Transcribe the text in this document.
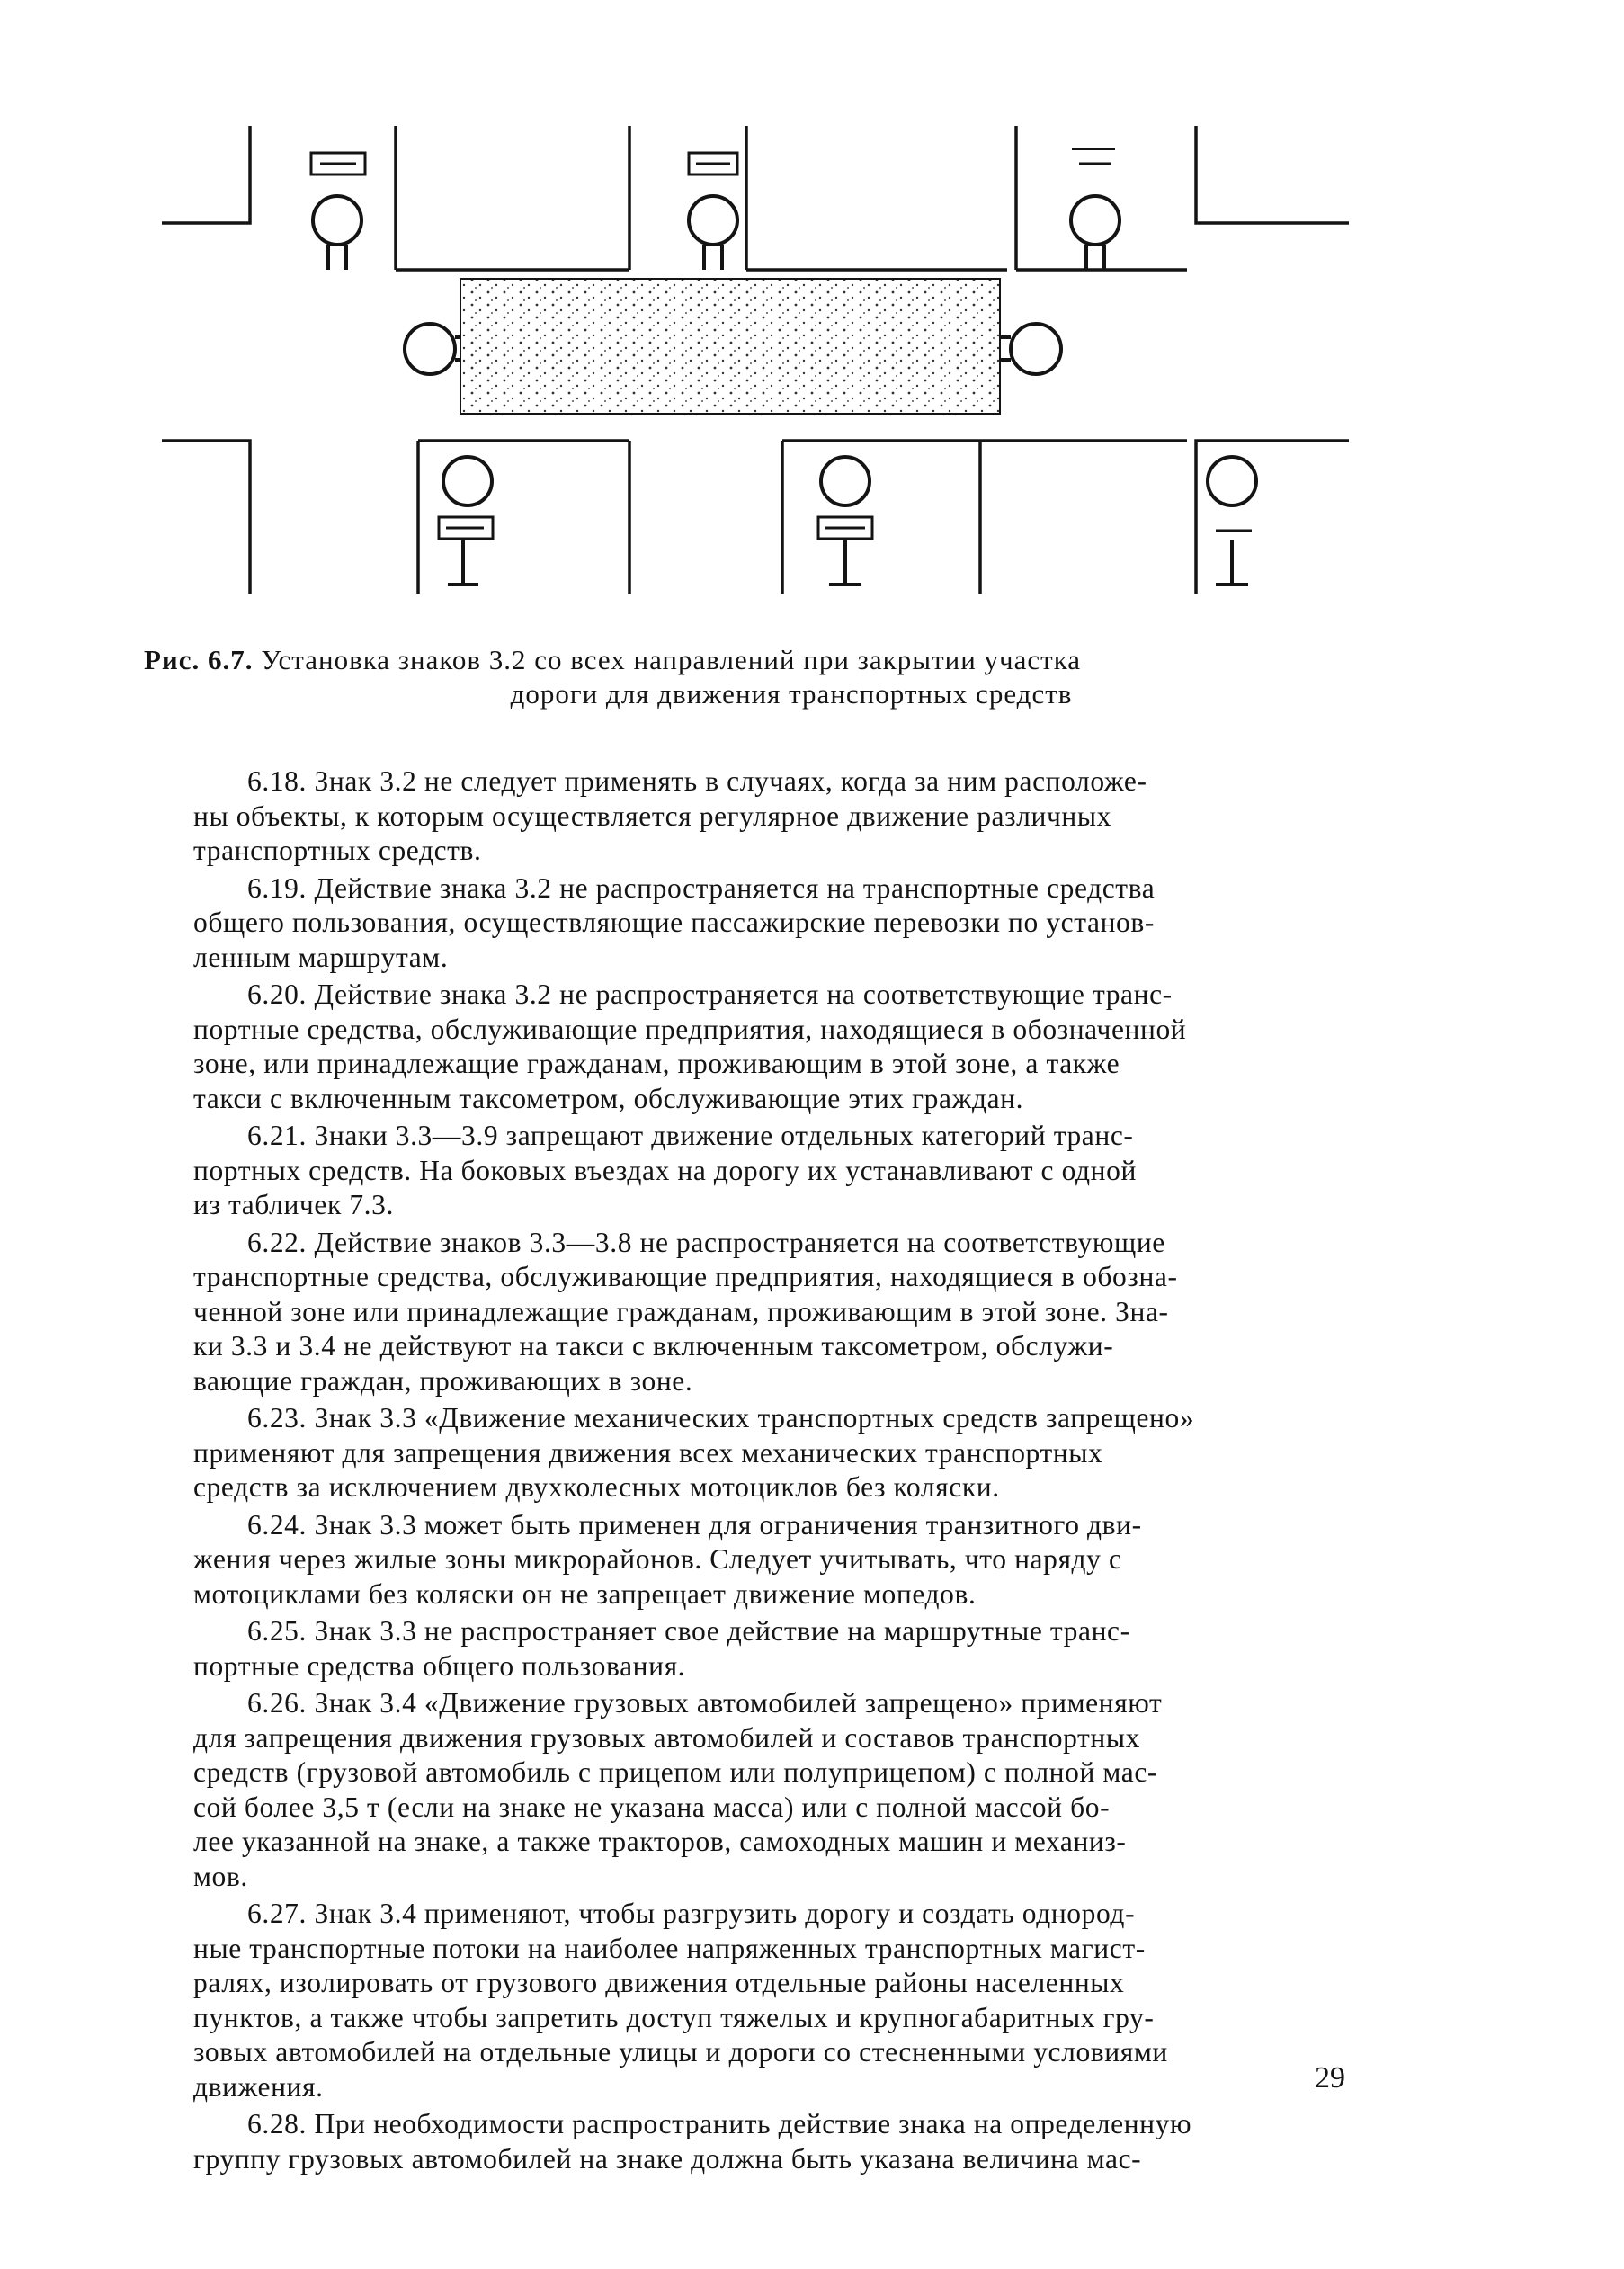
Рис. 6.7. Установка знаков 3.2 со всех направлений при закрытии участка
дороги для движения транспортных средств

6.18. Знак 3.2 не следует применять в случаях, когда за ним расположе-
ны объекты, к которым осуществляется регулярное движение различных
транспортных средств.

6.19. Действие знака 3.2 не распространяется на транспортные средства
общего пользования, осуществляющие пассажирские перевозки по установ-
ленным маршрутам.

6.20. Действие знака 3.2 не распространяется на соответствующие транс-
портные средства, обслуживающие предприятия, находящиеся в обозначенной
зоне, или принадлежащие гражданам, проживающим в этой зоне, а также
такси с включенным таксометром, обслуживающие этих граждан.

6.21. Знаки 3.3—3.9 запрещают движение отдельных категорий транс-
портных средств. На боковых въездах на дорогу их устанавливают с одной
из табличек 7.3.

6.22. Действие знаков 3.3—3.8 не распространяется на соответствующие
транспортные средства, обслуживающие предприятия, находящиеся в обозна-
ченной зоне или принадлежащие гражданам, проживающим в этой зоне. Зна-
ки 3.3 и 3.4 не действуют на такси с включенным таксометром, обслужи-
вающие граждан, проживающих в зоне.

6.23. Знак 3.3 «Движение механических транспортных средств запрещено»
применяют для запрещения движения всех механических транспортных
средств за исключением двухколесных мотоциклов без коляски.

6.24. Знак 3.3 может быть применен для ограничения транзитного дви-
жения через жилые зоны микрорайонов. Следует учитывать, что наряду с
мотоциклами без коляски он не запрещает движение мопедов.

6.25. Знак 3.3 не распространяет свое действие на маршрутные транс-
портные средства общего пользования.

6.26. Знак 3.4 «Движение грузовых автомобилей запрещено» применяют
для запрещения движения грузовых автомобилей и составов транспортных
средств (грузовой автомобиль с прицепом или полуприцепом) с полной мас-
сой более 3,5 т (если на знаке не указана масса) или с полной массой бо-
лее указанной на знаке, а также тракторов, самоходных машин и механиз-
мов.

6.27. Знак 3.4 применяют, чтобы разгрузить дорогу и создать однород-
ные транспортные потоки на наиболее напряженных транспортных магист-
ралях, изолировать от грузового движения отдельные районы населенных
пунктов, а также чтобы запретить доступ тяжелых и крупногабаритных гру-
зовых автомобилей на отдельные улицы и дороги со стесненными условиями
движения.

6.28. При необходимости распространить действие знака на определенную
группу грузовых автомобилей на знаке должна быть указана величина мас-

29
